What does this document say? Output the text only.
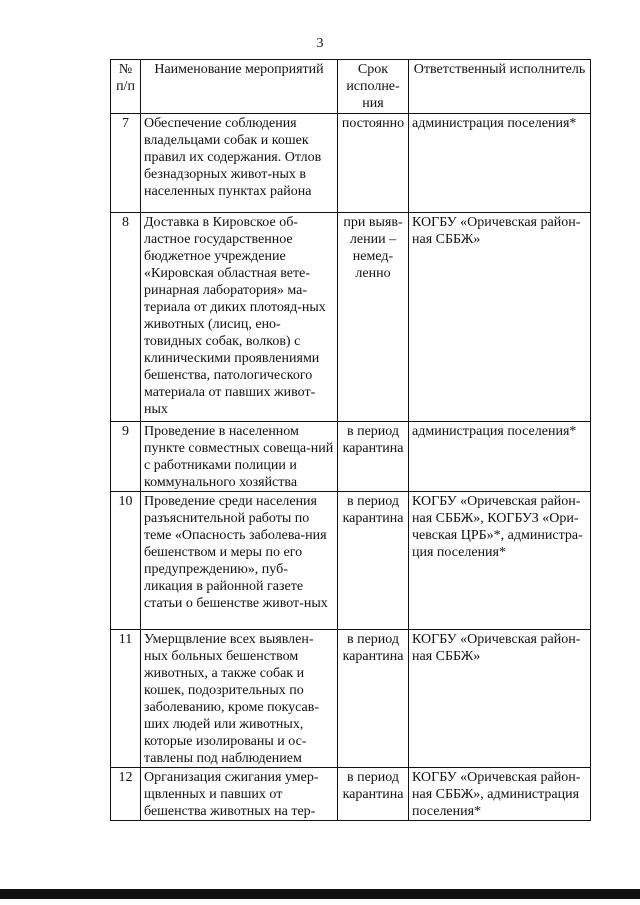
3
№ п/п	Наименование мероприятий	Срок исполне-ния	Ответственный исполнитель
7	Обеспечение соблюдения владельцами собак и кошек правил их содержания. Отлов безнадзорных живот-ных в населенных пунктах района	постоянно	администрация поселения*
8	Доставка в Кировское об-ластное государственное бюджетное учреждение «Кировская областная вете-ринарная лаборатория» ма-териала от диких плотояд-ных животных (лисиц, ено-товидных собак, волков) с клиническими проявлениями бешенства, патологического материала от павших живот-ных	при выяв-лении – немед-ленно	КОГБУ «Оричевская район-ная СББЖ»
9	Проведение в населенном пункте совместных совеща-ний с работниками полиции и коммунального хозяйства	в период карантина	администрация поселения*
10	Проведение среди населения разъяснительной работы по теме «Опасность заболева-ния бешенством и меры по его предупреждению», пуб-ликация в районной газете статьи о бешенстве живот-ных	в период карантина	КОГБУ «Оричевская район-ная СББЖ», КОГБУЗ «Ори-чевская ЦРБ»*, администра-ция поселения*
11	Умерщвление всех выявлен-ных больных бешенством животных, а также собак и кошек, подозрительных по заболеванию, кроме покусав-ших людей или животных, которые изолированы и ос-тавлены под наблюдением	в период карантина	КОГБУ «Оричевская район-ная СББЖ»
12	Организация сжигания умер-щвленных и павших от бешенства животных на тер-	в период карантина	КОГБУ «Оричевская район-ная СББЖ», администрация поселения*
